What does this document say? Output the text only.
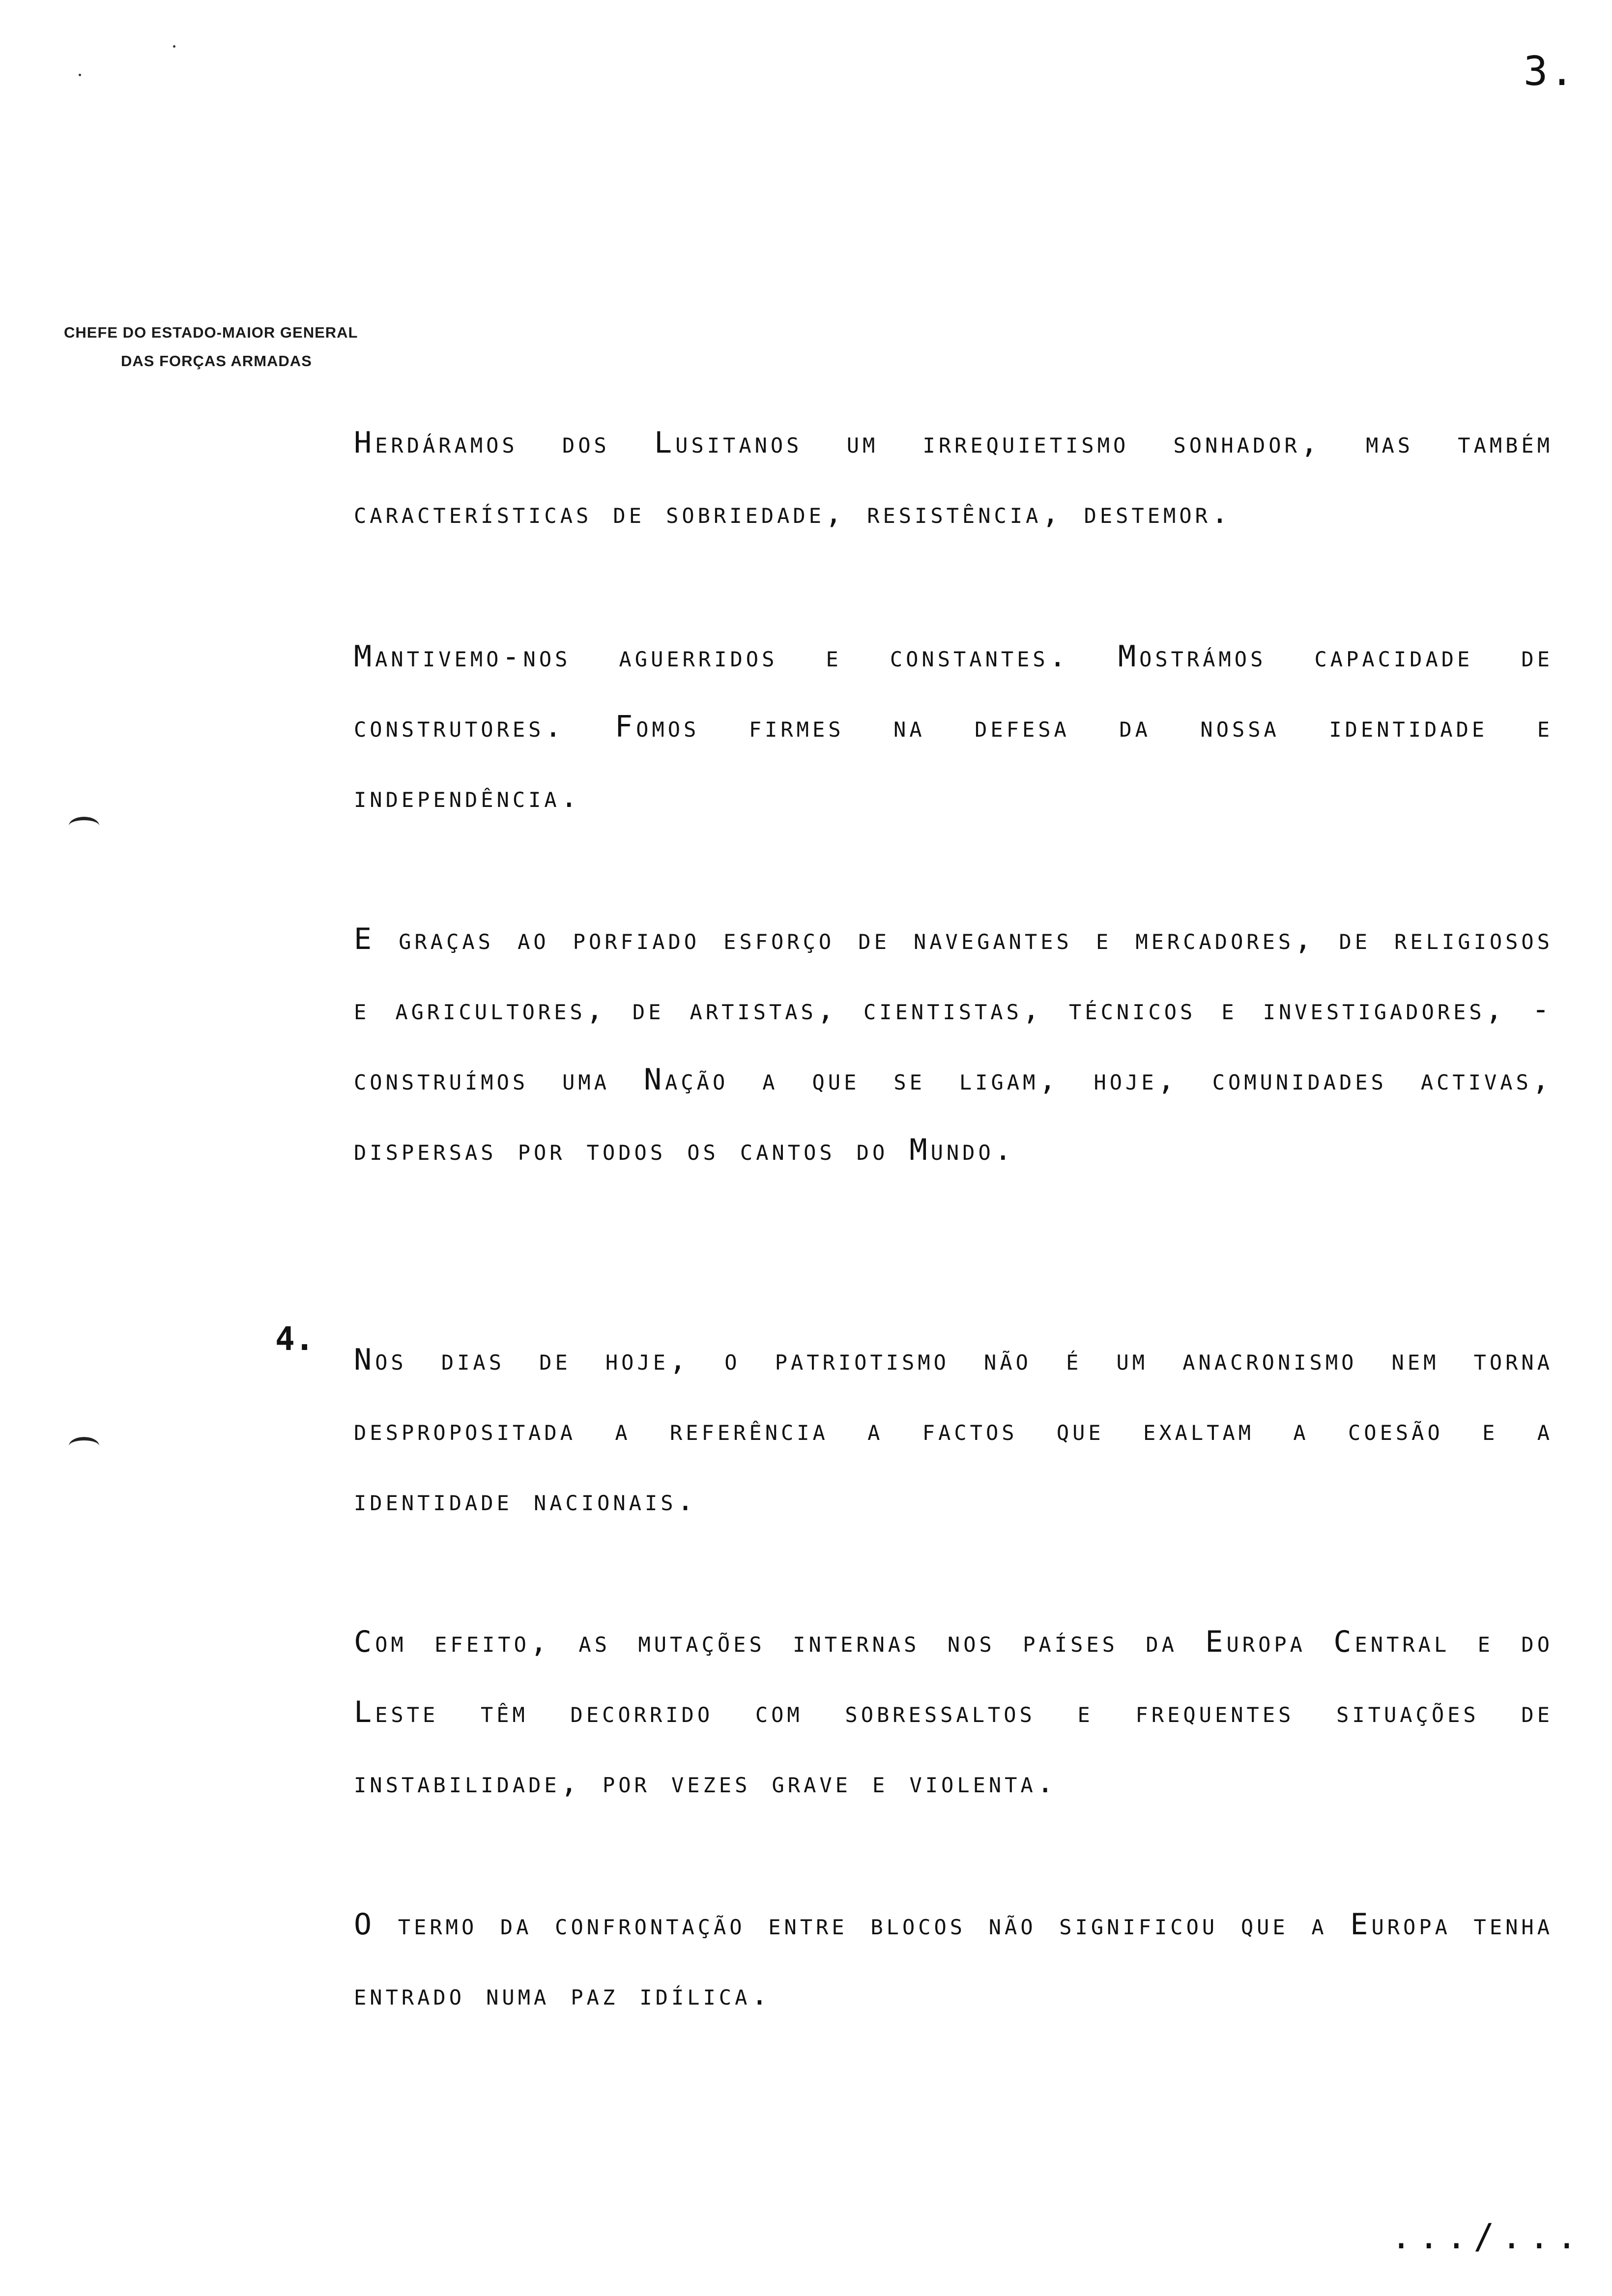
3.
CHEFE DO ESTADO-MAIOR GENERAL
DAS FORÇAS ARMADAS

Herdáramos dos Lusitanos um irrequietismo sonhador, mas também características de sobriedade, resistência, destemor.

Mantivemo-nos aguerridos e constantes. Mostrámos capacidade de construtores. Fomos firmes na defesa da nossa identidade e independência.

E graças ao porfiado esforço de navegantes e mercadores, de religiosos e agricultores, de artistas, cientistas, técnicos e investigadores, - construímos uma Nação a que se ligam, hoje, comunidades activas, dispersas por todos os cantos do Mundo.

4.

Nos dias de hoje, o patriotismo não é um anacronismo nem torna despropositada a referência a factos que exaltam a coesão e a identidade nacionais.

Com efeito, as mutações internas nos países da Europa Central e do Leste têm decorrido com sobressaltos e frequentes situações de instabilidade, por vezes grave e violenta.

O termo da confrontação entre blocos não significou que a Europa tenha entrado numa paz idílica.

.../...
